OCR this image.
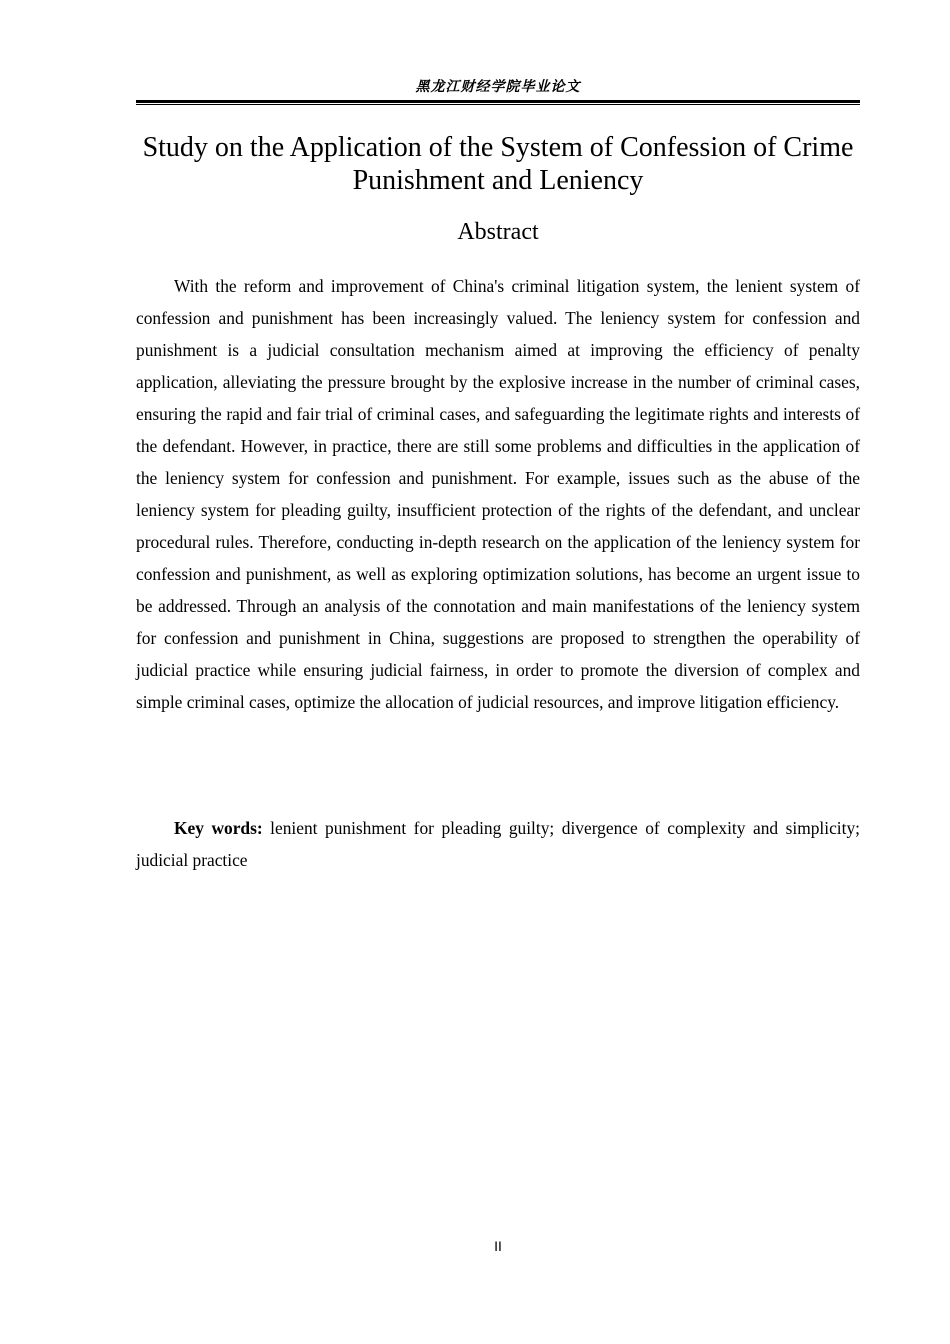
黑龙江财经学院毕业论文
Study on the Application of the System of Confession of Crime Punishment and Leniency
Abstract

With the reform and improvement of China's criminal litigation system, the lenient system of confession and punishment has been increasingly valued. The leniency system for confession and punishment is a judicial consultation mechanism aimed at improving the efficiency of penalty application, alleviating the pressure brought by the explosive increase in the number of criminal cases, ensuring the rapid and fair trial of criminal cases, and safeguarding the legitimate rights and interests of the defendant. However, in practice, there are still some problems and difficulties in the application of the leniency system for confession and punishment. For example, issues such as the abuse of the leniency system for pleading guilty, insufficient protection of the rights of the defendant, and unclear procedural rules. Therefore, conducting in-depth research on the application of the leniency system for confession and punishment, as well as exploring optimization solutions, has become an urgent issue to be addressed. Through an analysis of the connotation and main manifestations of the leniency system for confession and punishment in China, suggestions are proposed to strengthen the operability of judicial practice while ensuring judicial fairness, in order to promote the diversion of complex and simple criminal cases, optimize the allocation of judicial resources, and improve litigation efficiency.

Key words: lenient punishment for pleading guilty; divergence of complexity and simplicity; judicial practice

II
